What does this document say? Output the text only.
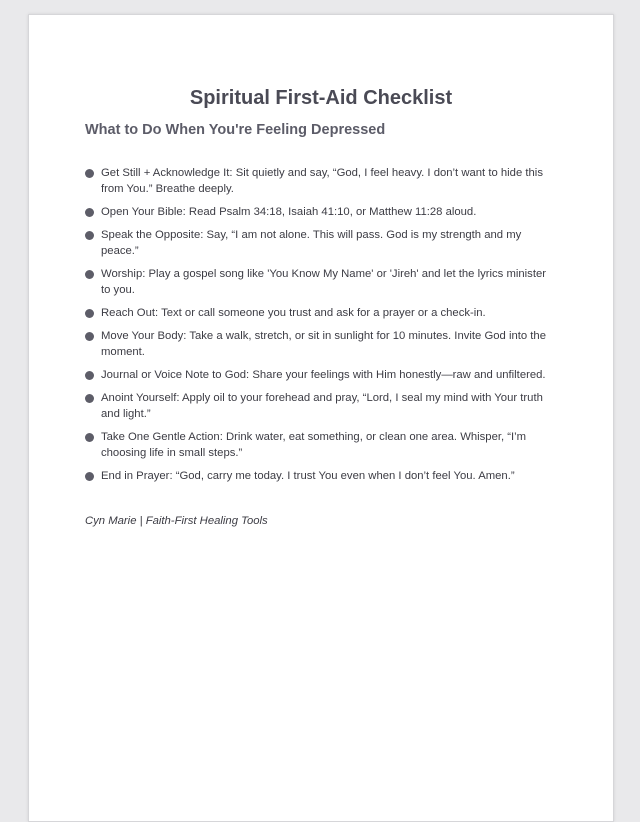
Spiritual First-Aid Checklist
What to Do When You're Feeling Depressed
Get Still + Acknowledge It: Sit quietly and say, “God, I feel heavy. I don’t want to hide this from You.” Breathe deeply.
Open Your Bible: Read Psalm 34:18, Isaiah 41:10, or Matthew 11:28 aloud.
Speak the Opposite: Say, “I am not alone. This will pass. God is my strength and my peace.”
Worship: Play a gospel song like 'You Know My Name' or 'Jireh' and let the lyrics minister to you.
Reach Out: Text or call someone you trust and ask for a prayer or a check-in.
Move Your Body: Take a walk, stretch, or sit in sunlight for 10 minutes. Invite God into the moment.
Journal or Voice Note to God: Share your feelings with Him honestly—raw and unfiltered.
Anoint Yourself: Apply oil to your forehead and pray, “Lord, I seal my mind with Your truth and light.”
Take One Gentle Action: Drink water, eat something, or clean one area. Whisper, “I’m choosing life in small steps.”
End in Prayer: “God, carry me today. I trust You even when I don’t feel You. Amen.”
Cyn Marie | Faith-First Healing Tools
